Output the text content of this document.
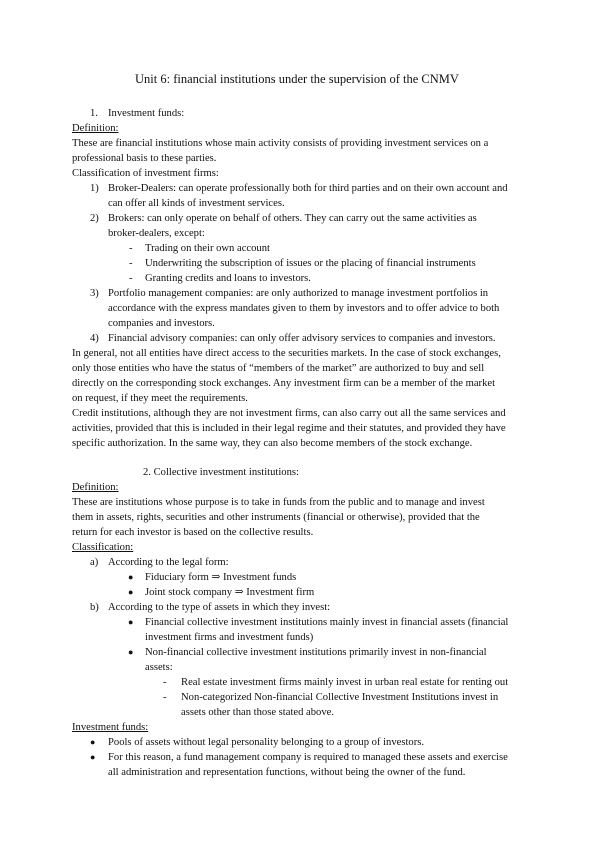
Unit 6: financial institutions under the supervision of the CNMV
1. Investment funds:
Definition:
These are financial institutions whose main activity consists of providing investment services on a
professional basis to these parties.
Classification of investment firms:
1) Broker-Dealers: can operate professionally both for third parties and on their own account and
can offer all kinds of investment services.
2) Brokers: can only operate on behalf of others. They can carry out the same activities as
broker-dealers, except:
- Trading on their own account
- Underwriting the subscription of issues or the placing of financial instruments
- Granting credits and loans to investors.
3) Portfolio management companies: are only authorized to manage investment portfolios in
accordance with the express mandates given to them by investors and to offer advice to both
companies and investors.
4) Financial advisory companies: can only offer advisory services to companies and investors.
In general, not all entities have direct access to the securities markets. In the case of stock exchanges,
only those entities who have the status of “members of the market” are authorized to buy and sell
directly on the corresponding stock exchanges. Any investment firm can be a member of the market
on request, if they meet the requirements.
Credit institutions, although they are not investment firms, can also carry out all the same services and
activities, provided that this is included in their legal regime and their statutes, and provided they have
specific authorization. In the same way, they can also become members of the stock exchange.
2. Collective investment institutions:
Definition:
These are institutions whose purpose is to take in funds from the public and to manage and invest
them in assets, rights, securities and other instruments (financial or otherwise), provided that the
return for each investor is based on the collective results.
Classification:
a) According to the legal form:
● Fiduciary form ⇒ Investment funds
● Joint stock company ⇒ Investment firm
b) According to the type of assets in which they invest:
● Financial collective investment institutions mainly invest in financial assets (financial
investment firms and investment funds)
● Non-financial collective investment institutions primarily invest in non-financial
assets:
- Real estate investment firms mainly invest in urban real estate for renting out
- Non-categorized Non-financial Collective Investment Institutions invest in
assets other than those stated above.
Investment funds:
● Pools of assets without legal personality belonging to a group of investors.
● For this reason, a fund management company is required to managed these assets and exercise
all administration and representation functions, without being the owner of the fund.
